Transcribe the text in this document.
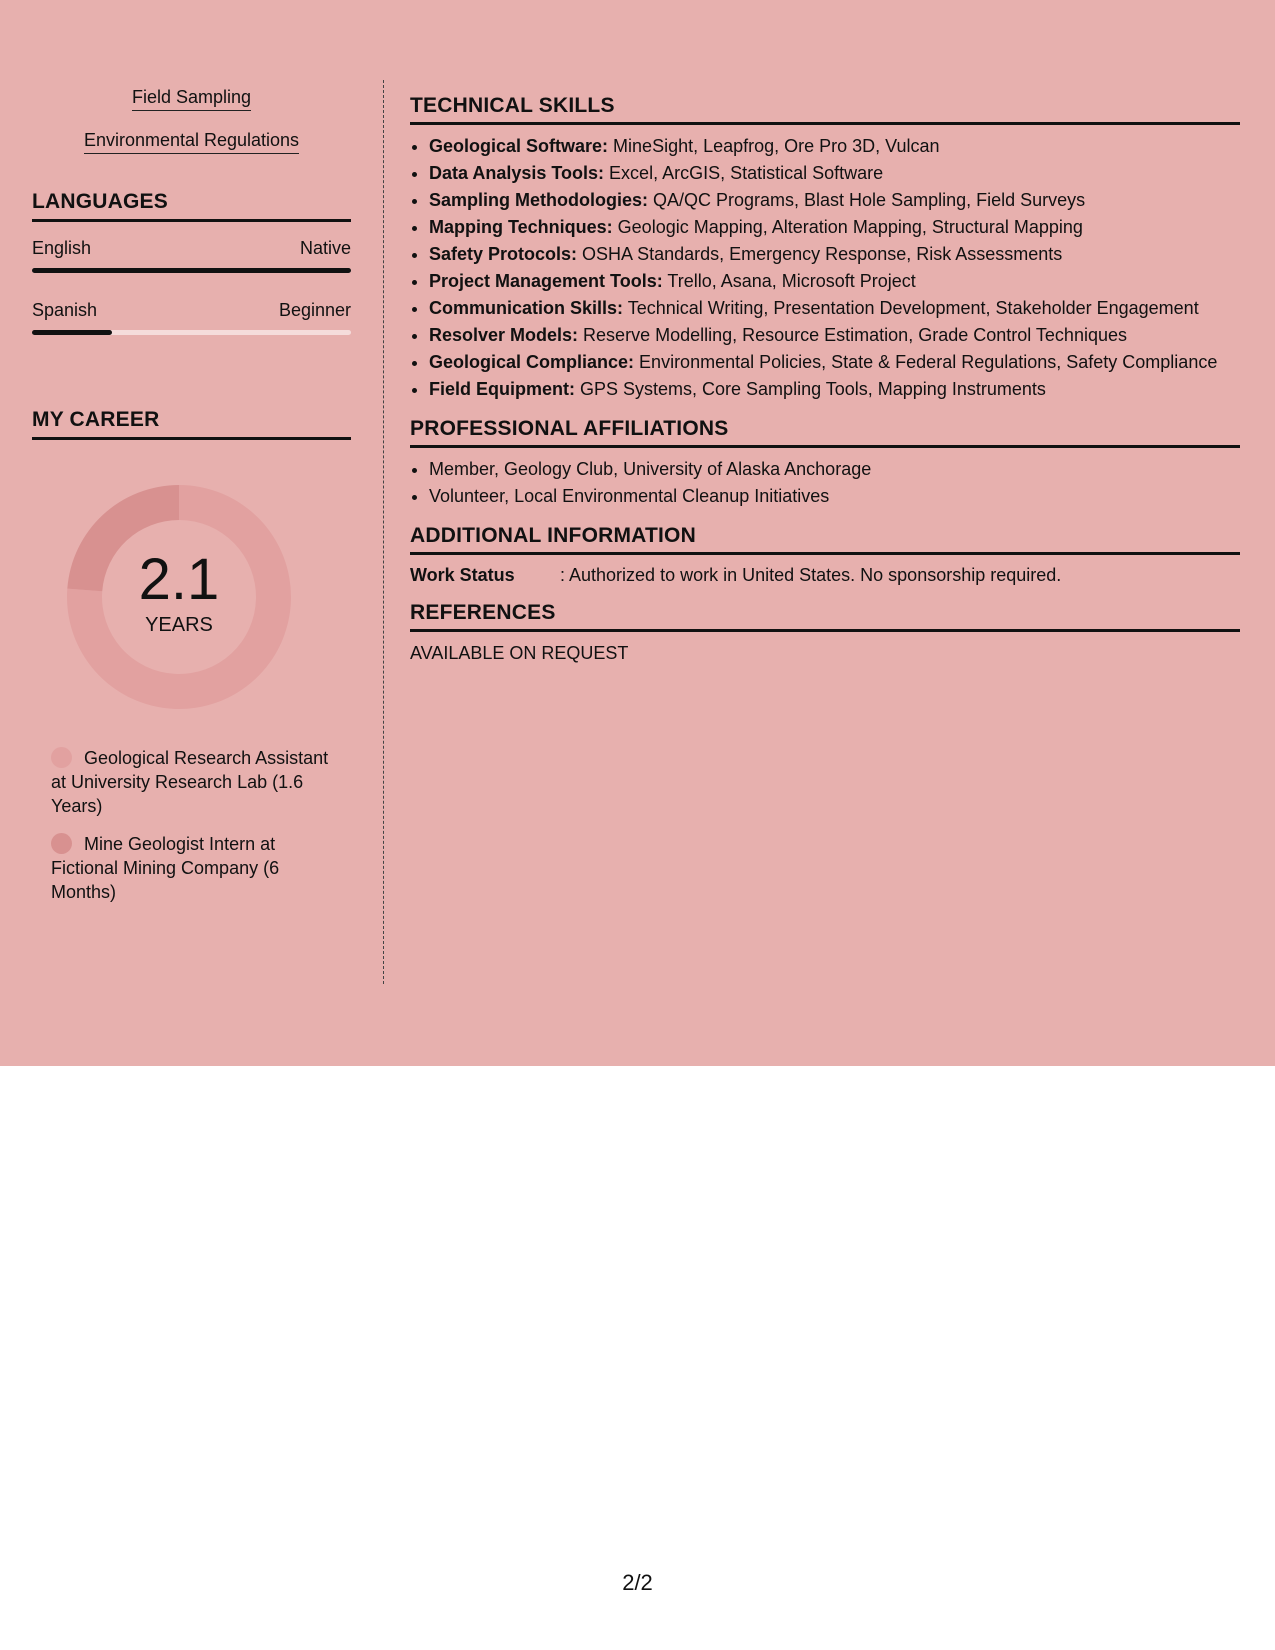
Field Sampling
Environmental Regulations
LANGUAGES
English	Native
Spanish	Beginner
MY CAREER
2.1
YEARS
Geological Research Assistant at University Research Lab (1.6 Years)
Mine Geologist Intern at Fictional Mining Company (6 Months)
TECHNICAL SKILLS
• Geological Software: MineSight, Leapfrog, Ore Pro 3D, Vulcan
• Data Analysis Tools: Excel, ArcGIS, Statistical Software
• Sampling Methodologies: QA/QC Programs, Blast Hole Sampling, Field Surveys
• Mapping Techniques: Geologic Mapping, Alteration Mapping, Structural Mapping
• Safety Protocols: OSHA Standards, Emergency Response, Risk Assessments
• Project Management Tools: Trello, Asana, Microsoft Project
• Communication Skills: Technical Writing, Presentation Development, Stakeholder Engagement
• Resolver Models: Reserve Modelling, Resource Estimation, Grade Control Techniques
• Geological Compliance: Environmental Policies, State & Federal Regulations, Safety Compliance
• Field Equipment: GPS Systems, Core Sampling Tools, Mapping Instruments
PROFESSIONAL AFFILIATIONS
• Member, Geology Club, University of Alaska Anchorage
• Volunteer, Local Environmental Cleanup Initiatives
ADDITIONAL INFORMATION
Work Status	: Authorized to work in United States. No sponsorship required.
REFERENCES
AVAILABLE ON REQUEST
2/2
